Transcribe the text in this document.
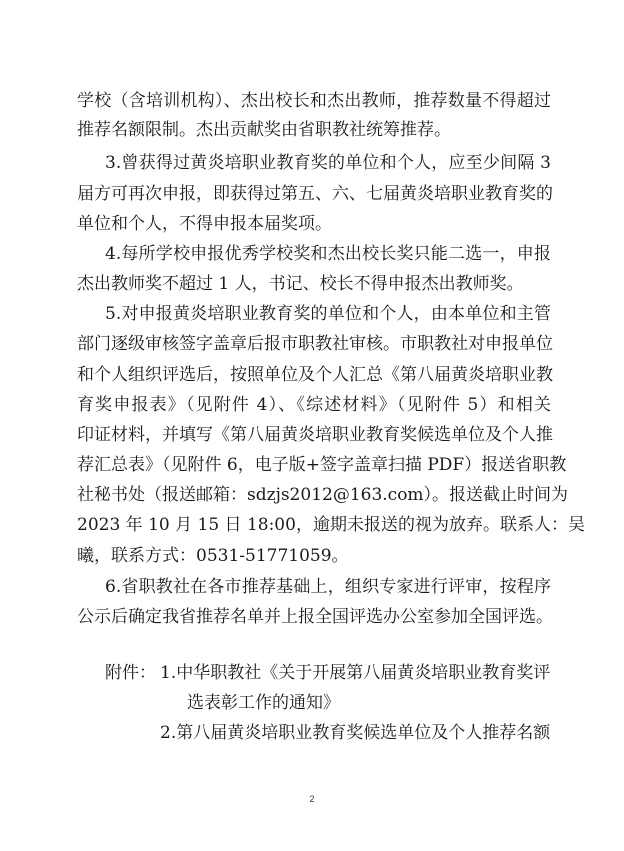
学校（含培训机构）、杰出校长和杰出教师，推荐数量不得超过
推荐名额限制。杰出贡献奖由省职教社统筹推荐。
3.曾获得过黄炎培职业教育奖的单位和个人，应至少间隔 3
届方可再次申报，即获得过第五、六、七届黄炎培职业教育奖的
单位和个人，不得申报本届奖项。
4.每所学校申报优秀学校奖和杰出校长奖只能二选一，申报
杰出教师奖不超过 1 人，书记、校长不得申报杰出教师奖。
5.对申报黄炎培职业教育奖的单位和个人，由本单位和主管
部门逐级审核签字盖章后报市职教社审核。市职教社对申报单位
和个人组织评选后，按照单位及个人汇总《第八届黄炎培职业教
育奖申报表》（见附件 4）、《综述材料》（见附件 5）和相关
印证材料，并填写《第八届黄炎培职业教育奖候选单位及个人推
荐汇总表》（见附件 6，电子版+签字盖章扫描 PDF）报送省职教
社秘书处（报送邮箱：sdzjs2012@163.com）。报送截止时间为
2023 年 10 月 15 日 18:00，逾期未报送的视为放弃。联系人：吴
曦，联系方式：0531-51771059。
6.省职教社在各市推荐基础上，组织专家进行评审，按程序
公示后确定我省推荐名单并上报全国评选办公室参加全国评选。
附件： 1.中华职教社《关于开展第八届黄炎培职业教育奖评
选表彰工作的通知》
2.第八届黄炎培职业教育奖候选单位及个人推荐名额
2
